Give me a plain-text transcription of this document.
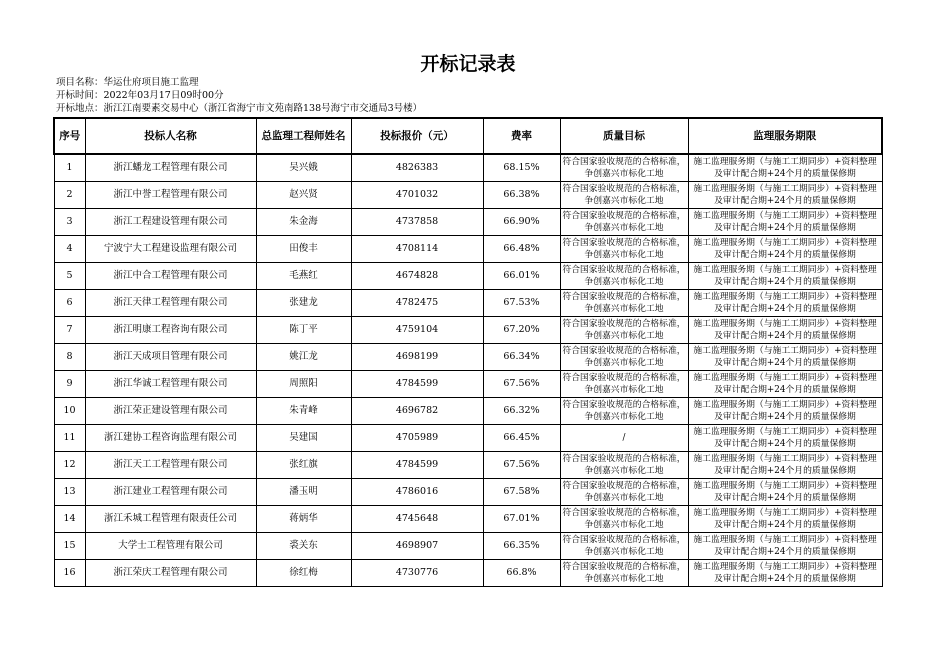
开标记录表
项目名称：华运仕府项目施工监理
开标时间：2022年03月17日09时00分
开标地点：浙江江南要素交易中心（浙江省海宁市文苑南路138号海宁市交通局3号楼）
序号	投标人名称	总监理工程师姓名	投标报价（元）	费率	质量目标	监理服务期限
1	浙江蟠龙工程管理有限公司	吴兴娥	4826383	68.15%	符合国家验收规范的合格标准，争创嘉兴市标化工地	施工监理服务期（与施工工期同步）+资料整理及审计配合期+24个月的质量保修期
2	浙江中誉工程管理有限公司	赵兴贤	4701032	66.38%	符合国家验收规范的合格标准，争创嘉兴市标化工地	施工监理服务期（与施工工期同步）+资料整理及审计配合期+24个月的质量保修期
3	浙江工程建设管理有限公司	朱金海	4737858	66.90%	符合国家验收规范的合格标准，争创嘉兴市标化工地	施工监理服务期（与施工工期同步）+资料整理及审计配合期+24个月的质量保修期
4	宁波宁大工程建设监理有限公司	田俊丰	4708114	66.48%	符合国家验收规范的合格标准，争创嘉兴市标化工地	施工监理服务期（与施工工期同步）+资料整理及审计配合期+24个月的质量保修期
5	浙江中合工程管理有限公司	毛燕红	4674828	66.01%	符合国家验收规范的合格标准，争创嘉兴市标化工地	施工监理服务期（与施工工期同步）+资料整理及审计配合期+24个月的质量保修期
6	浙江天律工程管理有限公司	张建龙	4782475	67.53%	符合国家验收规范的合格标准，争创嘉兴市标化工地	施工监理服务期（与施工工期同步）+资料整理及审计配合期+24个月的质量保修期
7	浙江明康工程咨询有限公司	陈丁平	4759104	67.20%	符合国家验收规范的合格标准，争创嘉兴市标化工地	施工监理服务期（与施工工期同步）+资料整理及审计配合期+24个月的质量保修期
8	浙江天成项目管理有限公司	姚江龙	4698199	66.34%	符合国家验收规范的合格标准，争创嘉兴市标化工地	施工监理服务期（与施工工期同步）+资料整理及审计配合期+24个月的质量保修期
9	浙江华诚工程管理有限公司	周照阳	4784599	67.56%	符合国家验收规范的合格标准，争创嘉兴市标化工地	施工监理服务期（与施工工期同步）+资料整理及审计配合期+24个月的质量保修期
10	浙江荣正建设管理有限公司	朱青峰	4696782	66.32%	符合国家验收规范的合格标准，争创嘉兴市标化工地	施工监理服务期（与施工工期同步）+资料整理及审计配合期+24个月的质量保修期
11	浙江建协工程咨询监理有限公司	吴建国	4705989	66.45%	/	施工监理服务期（与施工工期同步）+资料整理及审计配合期+24个月的质量保修期
12	浙江天工工程管理有限公司	张红旗	4784599	67.56%	符合国家验收规范的合格标准，争创嘉兴市标化工地	施工监理服务期（与施工工期同步）+资料整理及审计配合期+24个月的质量保修期
13	浙江建业工程管理有限公司	潘玉明	4786016	67.58%	符合国家验收规范的合格标准，争创嘉兴市标化工地	施工监理服务期（与施工工期同步）+资料整理及审计配合期+24个月的质量保修期
14	浙江禾城工程管理有限责任公司	蒋炳华	4745648	67.01%	符合国家验收规范的合格标准，争创嘉兴市标化工地	施工监理服务期（与施工工期同步）+资料整理及审计配合期+24个月的质量保修期
15	大学士工程管理有限公司	裘关东	4698907	66.35%	符合国家验收规范的合格标准，争创嘉兴市标化工地	施工监理服务期（与施工工期同步）+资料整理及审计配合期+24个月的质量保修期
16	浙江荣庆工程管理有限公司	徐红梅	4730776	66.8%	符合国家验收规范的合格标准，争创嘉兴市标化工地	施工监理服务期（与施工工期同步）+资料整理及审计配合期+24个月的质量保修期
